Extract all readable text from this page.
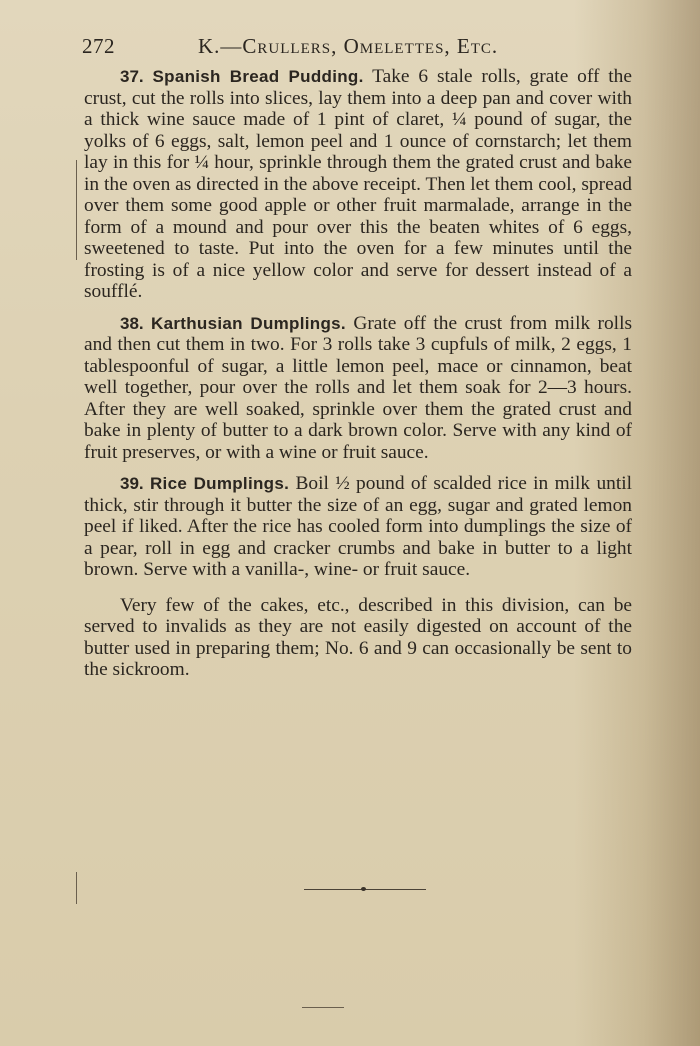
272	K.—Crullers, Omelettes, Etc.

37. Spanish Bread Pudding. Take 6 stale rolls, grate off the crust, cut the rolls into slices, lay them into a deep pan and cover with a thick wine sauce made of 1 pint of claret, ¼ pound of sugar, the yolks of 6 eggs, salt, lemon peel and 1 ounce of cornstarch; let them lay in this for ¼ hour, sprinkle through them the grated crust and bake in the oven as directed in the above receipt. Then let them cool, spread over them some good apple or other fruit marmalade, arrange in the form of a mound and pour over this the beaten whites of 6 eggs, sweetened to taste. Put into the oven for a few minutes until the frosting is of a nice yellow color and serve for dessert instead of a soufflé.

38. Karthusian Dumplings. Grate off the crust from milk rolls and then cut them in two. For 3 rolls take 3 cupfuls of milk, 2 eggs, 1 tablespoonful of sugar, a little lemon peel, mace or cinnamon, beat well together, pour over the rolls and let them soak for 2—3 hours. After they are well soaked, sprinkle over them the grated crust and bake in plenty of butter to a dark brown color. Serve with any kind of fruit preserves, or with a wine or fruit sauce.

39. Rice Dumplings. Boil ½ pound of scalded rice in milk until thick, stir through it butter the size of an egg, sugar and grated lemon peel if liked. After the rice has cooled form into dumplings the size of a pear, roll in egg and cracker crumbs and bake in butter to a light brown. Serve with a vanilla-, wine- or fruit sauce.

Very few of the cakes, etc., described in this division, can be served to invalids as they are not easily digested on account of the butter used in preparing them; No. 6 and 9 can occasionally be sent to the sickroom.
